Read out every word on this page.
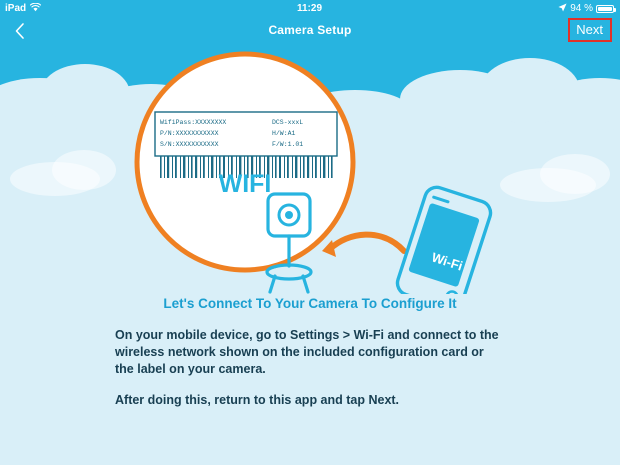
iPad	11:29	94 %
Camera Setup	Next
WifiPass:XXXXXXXX	DCS-xxxL
P/N:XXXXXXXXXXX	H/W:A1
S/N:XXXXXXXXXXX	F/W:1.01
WIFI
Wi-Fi
Let's Connect To Your Camera To Configure It

On your mobile device, go to Settings > Wi-Fi and connect to the wireless network shown on the included configuration card or the label on your camera.

After doing this, return to this app and tap Next.
